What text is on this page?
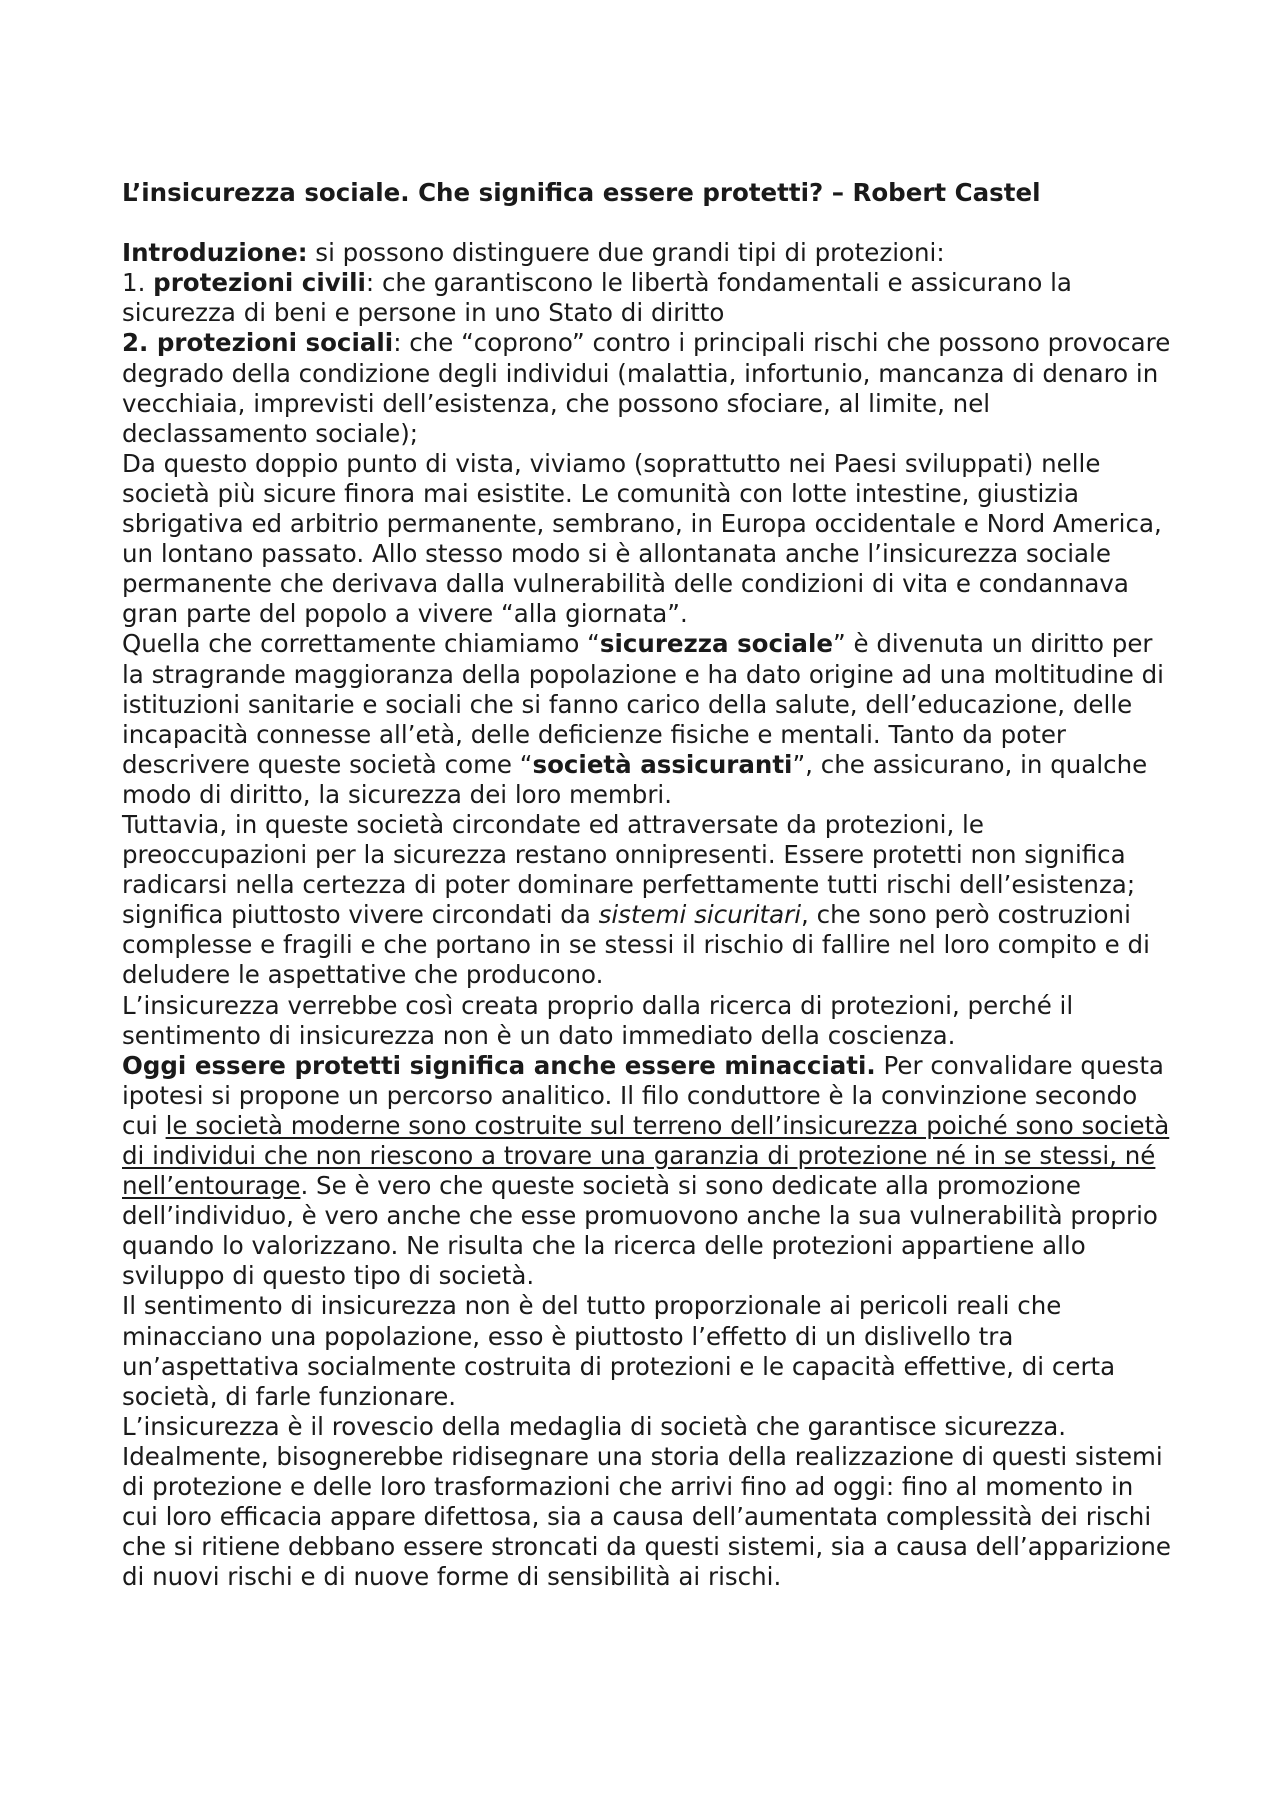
L’insicurezza sociale. Che significa essere protetti? – Robert Castel

Introduzione: si possono distinguere due grandi tipi di protezioni:

1. protezioni civili: che garantiscono le libertà fondamentali e assicurano la sicurezza di beni e persone in uno Stato di diritto

2. protezioni sociali: che “coprono” contro i principali rischi che possono provocare degrado della condizione degli individui (malattia, infortunio, mancanza di denaro in vecchiaia, imprevisti dell’esistenza, che possono sfociare, al limite, nel declassamento sociale);

Da questo doppio punto di vista, viviamo (soprattutto nei Paesi sviluppati) nelle società più sicure finora mai esistite. Le comunità con lotte intestine, giustizia sbrigativa ed arbitrio permanente, sembrano, in Europa occidentale e Nord America, un lontano passato. Allo stesso modo si è allontanata anche l’insicurezza sociale permanente che derivava dalla vulnerabilità delle condizioni di vita e condannava gran parte del popolo a vivere “alla giornata”.

Quella che correttamente chiamiamo “sicurezza sociale” è divenuta un diritto per la stragrande maggioranza della popolazione e ha dato origine ad una moltitudine di istituzioni sanitarie e sociali che si fanno carico della salute, dell’educazione, delle incapacità connesse all’età, delle deficienze fisiche e mentali. Tanto da poter descrivere queste società come “società assicuranti”, che assicurano, in qualche modo di diritto, la sicurezza dei loro membri.

Tuttavia, in queste società circondate ed attraversate da protezioni, le preoccupazioni per la sicurezza restano onnipresenti. Essere protetti non significa radicarsi nella certezza di poter dominare perfettamente tutti rischi dell’esistenza; significa piuttosto vivere circondati da sistemi sicuritari, che sono però costruzioni complesse e fragili e che portano in se stessi il rischio di fallire nel loro compito e di deludere le aspettative che producono.

L’insicurezza verrebbe così creata proprio dalla ricerca di protezioni, perché il sentimento di insicurezza non è un dato immediato della coscienza.

Oggi essere protetti significa anche essere minacciati. Per convalidare questa ipotesi si propone un percorso analitico. Il filo conduttore è la convinzione secondo cui le società moderne sono costruite sul terreno dell’insicurezza poiché sono società di individui che non riescono a trovare una garanzia di protezione né in se stessi, né nell’entourage. Se è vero che queste società si sono dedicate alla promozione dell’individuo, è vero anche che esse promuovono anche la sua vulnerabilità proprio quando lo valorizzano. Ne risulta che la ricerca delle protezioni appartiene allo sviluppo di questo tipo di società.

Il sentimento di insicurezza non è del tutto proporzionale ai pericoli reali che minacciano una popolazione, esso è piuttosto l’effetto di un dislivello tra un’aspettativa socialmente costruita di protezioni e le capacità effettive, di certa società, di farle funzionare.

L’insicurezza è il rovescio della medaglia di società che garantisce sicurezza. Idealmente, bisognerebbe ridisegnare una storia della realizzazione di questi sistemi di protezione e delle loro trasformazioni che arrivi fino ad oggi: fino al momento in cui loro efficacia appare difettosa, sia a causa dell’aumentata complessità dei rischi che si ritiene debbano essere stroncati da questi sistemi, sia a causa dell’apparizione di nuovi rischi e di nuove forme di sensibilità ai rischi.
